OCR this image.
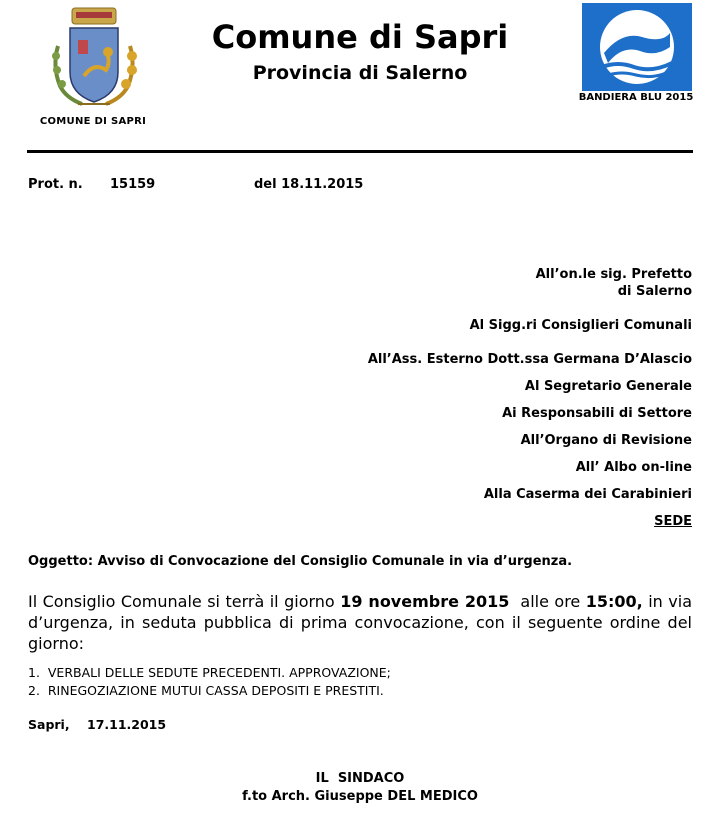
COMUNE DI SAPRI
Comune di Sapri
Provincia di Salerno
BANDIERA BLU 2015
Prot. n. 15159	del 18.11.2015
All’on.le sig. Prefetto
di Salerno
Al Sigg.ri Consiglieri Comunali
All’Ass. Esterno Dott.ssa Germana D’Alascio
Al Segretario Generale
Ai Responsabili di Settore
All’Organo di Revisione
All’ Albo on-line
Alla Caserma dei Carabinieri
SEDE
Oggetto: Avviso di Convocazione del Consiglio Comunale in via d’urgenza.
Il Consiglio Comunale si terrà il giorno 19 novembre 2015  alle ore 15:00, in via d’urgenza, in seduta pubblica di prima convocazione, con il seguente ordine del giorno:
1.  VERBALI DELLE SEDUTE PRECEDENTI. APPROVAZIONE;
2.  RINEGOZIAZIONE MUTUI CASSA DEPOSITI E PRESTITI.
Sapri,    17.11.2015
IL  SINDACO
f.to Arch. Giuseppe DEL MEDICO
